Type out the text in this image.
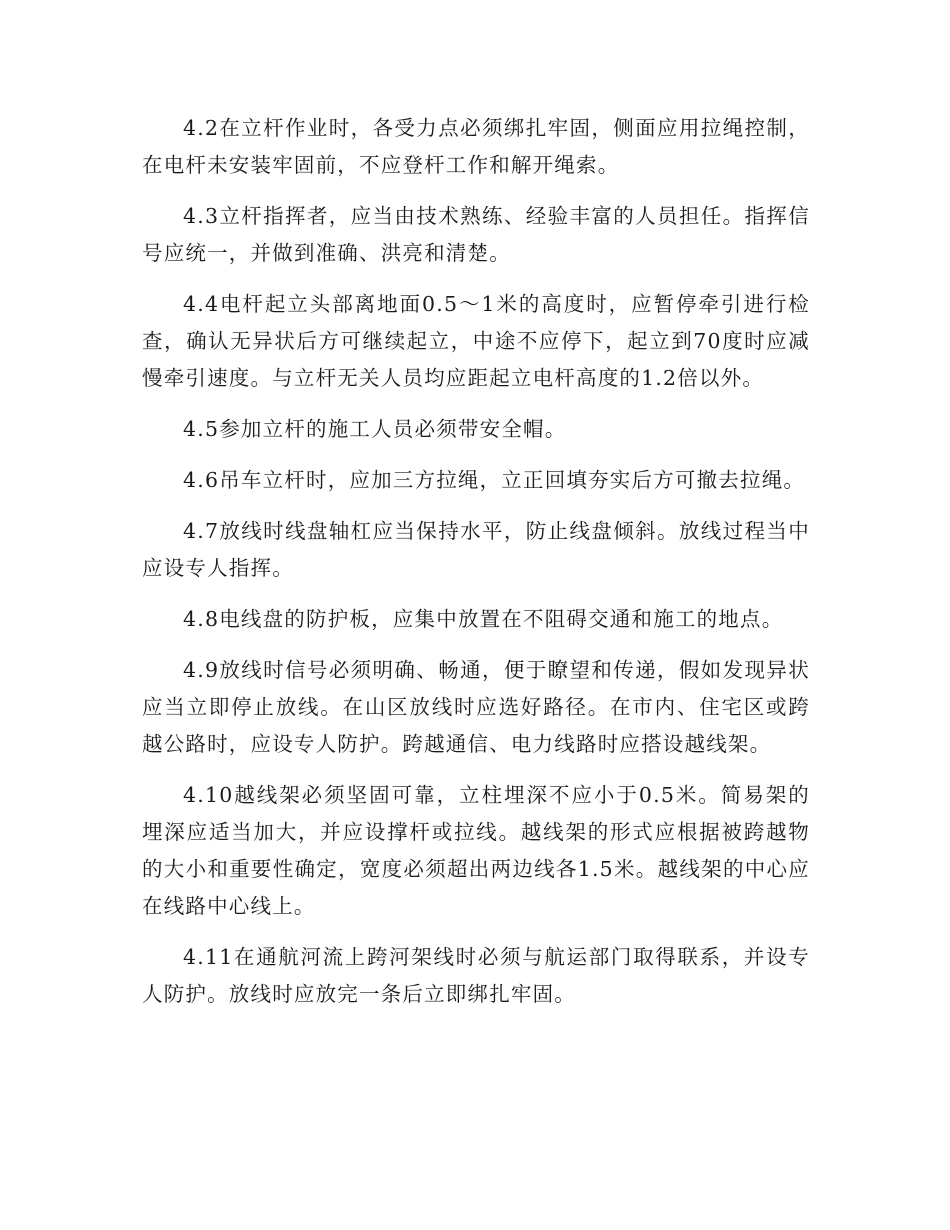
4.2在立杆作业时，各受力点必须绑扎牢固，侧面应用拉绳控制，在电杆未安装牢固前，不应登杆工作和解开绳索。

4.3立杆指挥者，应当由技术熟练、经验丰富的人员担任。指挥信号应统一，并做到准确、洪亮和清楚。

4.4电杆起立头部离地面0.5～1米的高度时，应暂停牵引进行检查，确认无异状后方可继续起立，中途不应停下，起立到70度时应减慢牵引速度。与立杆无关人员均应距起立电杆高度的1.2倍以外。

4.5参加立杆的施工人员必须带安全帽。

4.6吊车立杆时，应加三方拉绳，立正回填夯实后方可撤去拉绳。

4.7放线时线盘轴杠应当保持水平，防止线盘倾斜。放线过程当中应设专人指挥。

4.8电线盘的防护板，应集中放置在不阻碍交通和施工的地点。

4.9放线时信号必须明确、畅通，便于瞭望和传递，假如发现异状应当立即停止放线。在山区放线时应选好路径。在市内、住宅区或跨越公路时，应设专人防护。跨越通信、电力线路时应搭设越线架。

4.10越线架必须坚固可靠，立柱埋深不应小于0.5米。简易架的埋深应适当加大，并应设撑杆或拉线。越线架的形式应根据被跨越物的大小和重要性确定，宽度必须超出两边线各1.5米。越线架的中心应在线路中心线上。

4.11在通航河流上跨河架线时必须与航运部门取得联系，并设专人防护。放线时应放完一条后立即绑扎牢固。
